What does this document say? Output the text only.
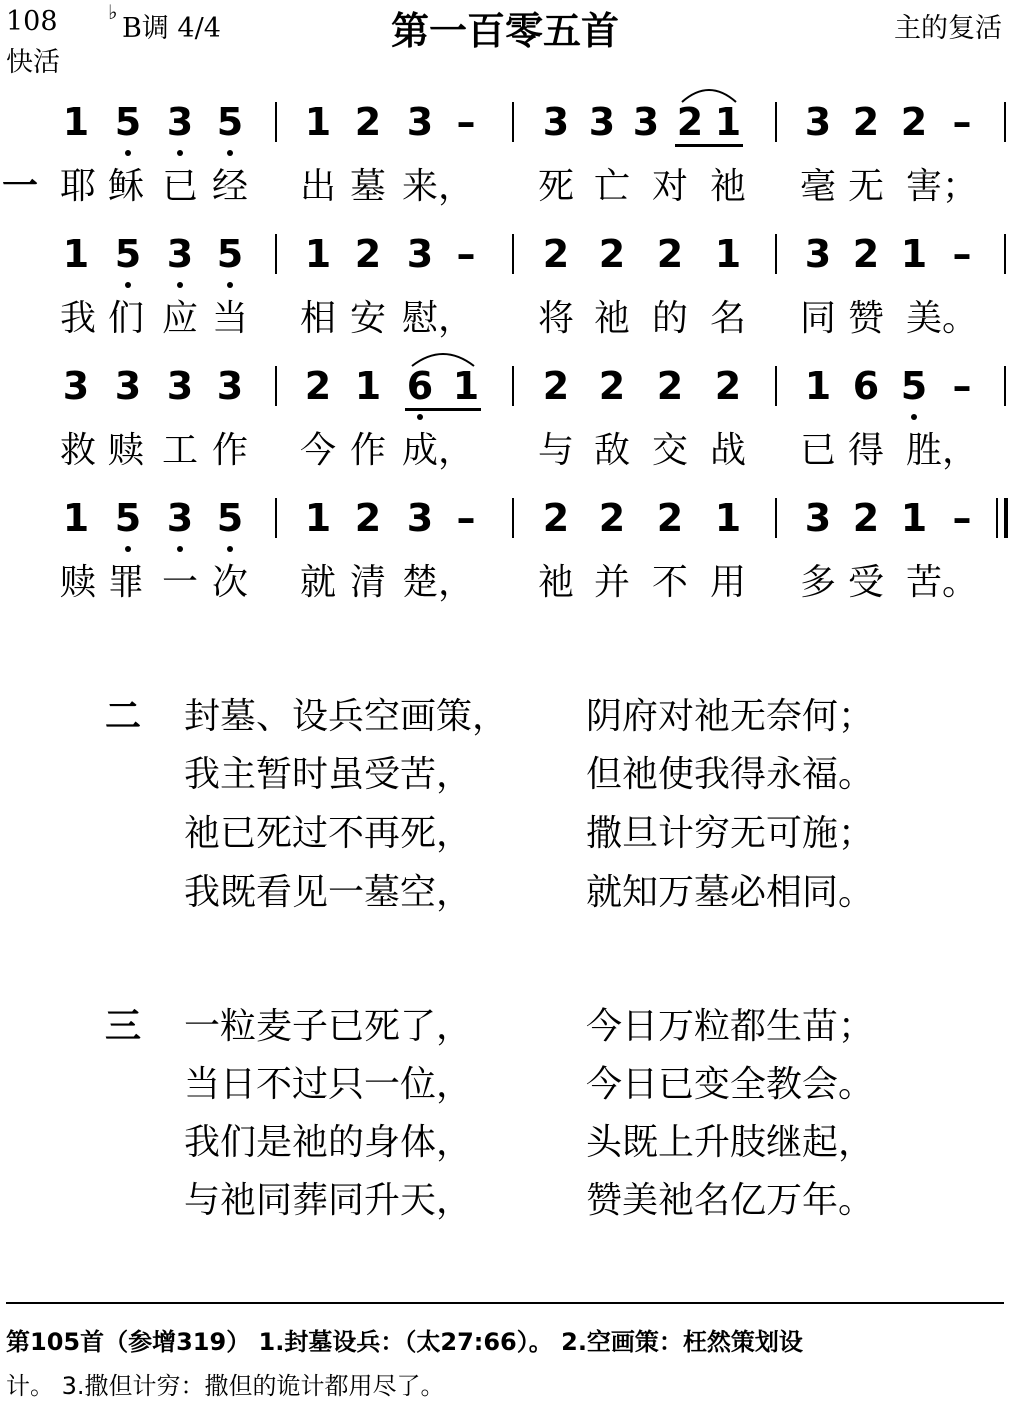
108
快活
♭
B调 4/4	第一百零五首	主的复活
1 5 3 5 1 2 3 – 3 3 3 2 1 3 2 2 –
一 耶 稣 已 经	出 墓 来， 死 亡 对 祂	毫 无 害；
1 5 3 5 1 2 3 – 2 2 2 1 3 2 1 –
我 们 应 当	相 安 慰， 将 祂 的 名	同 赞 美。
3 3 3 3 2 1 6 1 2 2 2 2 1 6 5 –
救 赎 工 作	今 作 成， 与 敌 交 战	已 得 胜，
1 5 3 5 1 2 3 – 2 2 2 1 3 2 1 –
赎 罪 一 次	就 清 楚， 祂 并 不 用	多 受 苦。
二 封墓、设兵空画策， 阴府对祂无奈何；
我主暂时虽受苦，	但祂使我得永福。
祂已死过不再死，	撒旦计穷无可施；
我既看见一墓空，	就知万墓必相同。
三 一粒麦子已死了，	今日万粒都生苗；
当日不过只一位，	今日已变全教会。
我们是祂的身体，	头既上升肢继起，
与祂同葬同升天，	赞美祂名亿万年。
第105首（参增319） 1.封墓设兵：（太27:66）。 2.空画策：枉然策划设
计。 3.撒但计穷：撒但的诡计都用尽了。
